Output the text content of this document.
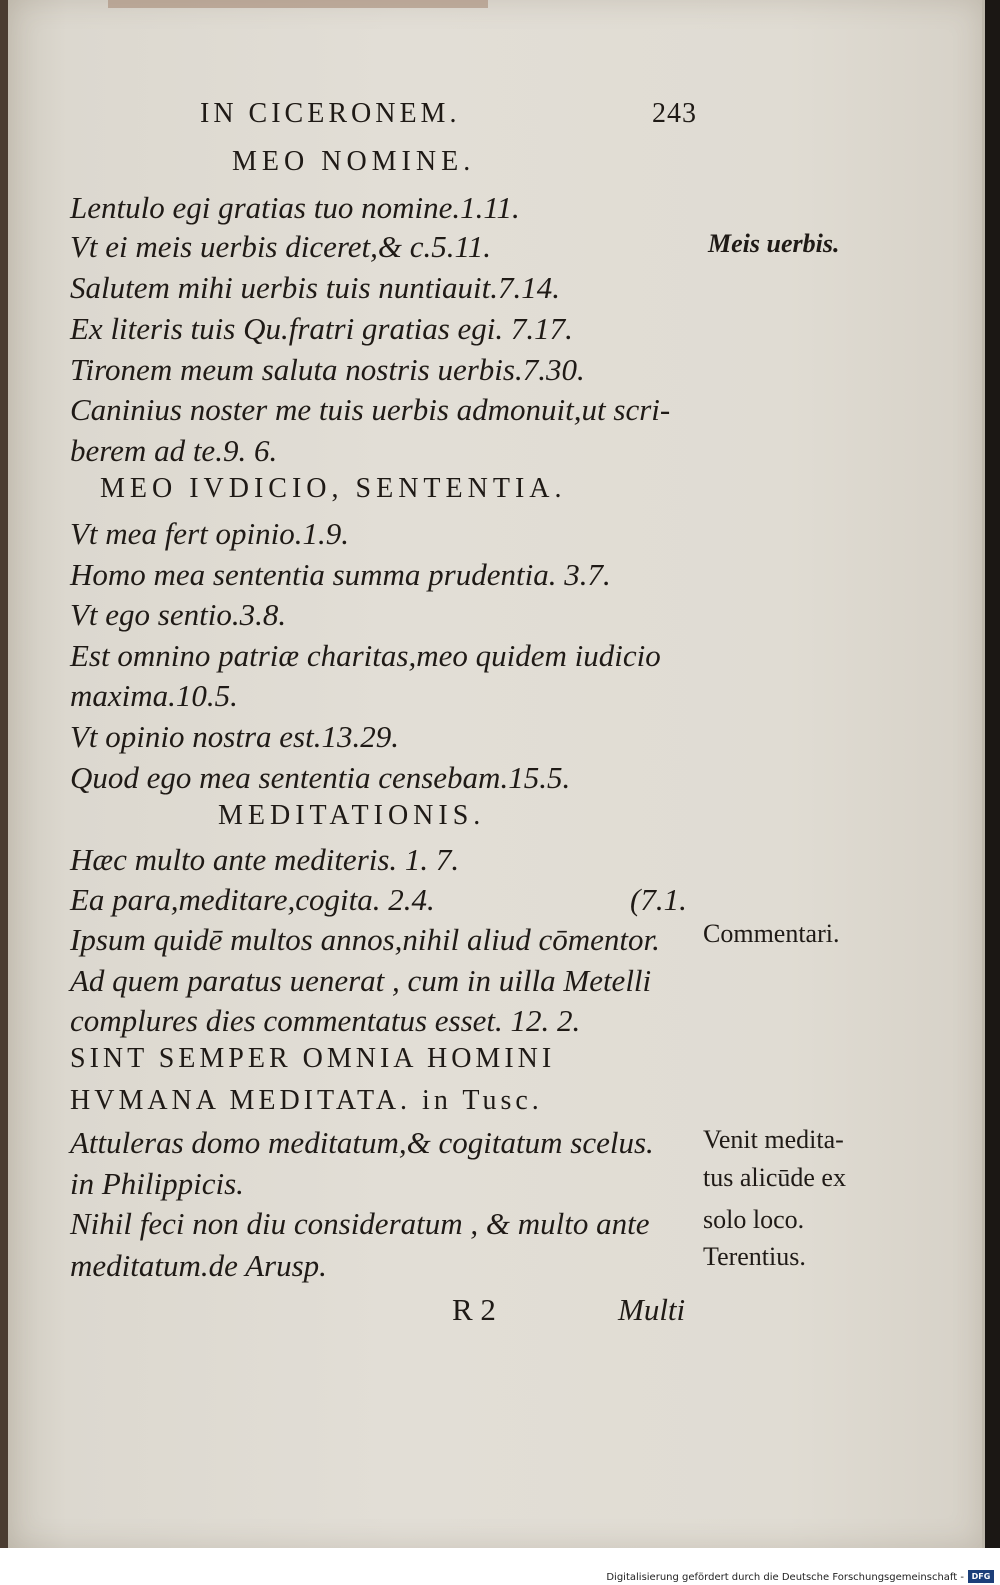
IN CICERONEM.	243
MEO NOMINE.
Lentulo egi gratias tuo nomine.1.11.
Vt ei meis uerbis diceret,& c.5.11.
Salutem mihi uerbis tuis nuntiauit.7.14.
Ex literis tuis Qu.fratri gratias egi. 7.17.
Tironem meum saluta nostris uerbis.7.30.
Caninius noster me tuis uerbis admonuit,ut scri-
berem ad te.9. 6.
MEO IVDICIO, SENTENTIA.
Vt mea fert opinio.1.9.
Homo mea sententia summa prudentia. 3.7.
Vt ego sentio.3.8.
Est omnino patriæ charitas,meo quidem iudicio
maxima.10.5.
Vt opinio nostra est.13.29.
Quod ego mea sententia censebam.15.5.
MEDITATIONIS.
Hæc multo ante mediteris. 1. 7.
Ea para,meditare,cogita. 2.4.	(7.1.
Ipsum quidē multos annos,nihil aliud cōmentor.
Ad quem paratus uenerat , cum in uilla Metelli
complures dies commentatus esset. 12. 2.
SINT SEMPER OMNIA HOMINI
HVMANA MEDITATA. in Tusc.
Attuleras domo meditatum,& cogitatum scelus.
in Philippicis.
Nihil feci non diu consideratum , & multo ante
meditatum.de Arusp.
Meis uerbis.
Commentari.
Venit medita-
tus alicūde ex
solo loco.
Terentius.
R 2	Multi
Digitalisierung gefördert durch die Deutsche Forschungsgemeinschaft - DFG
